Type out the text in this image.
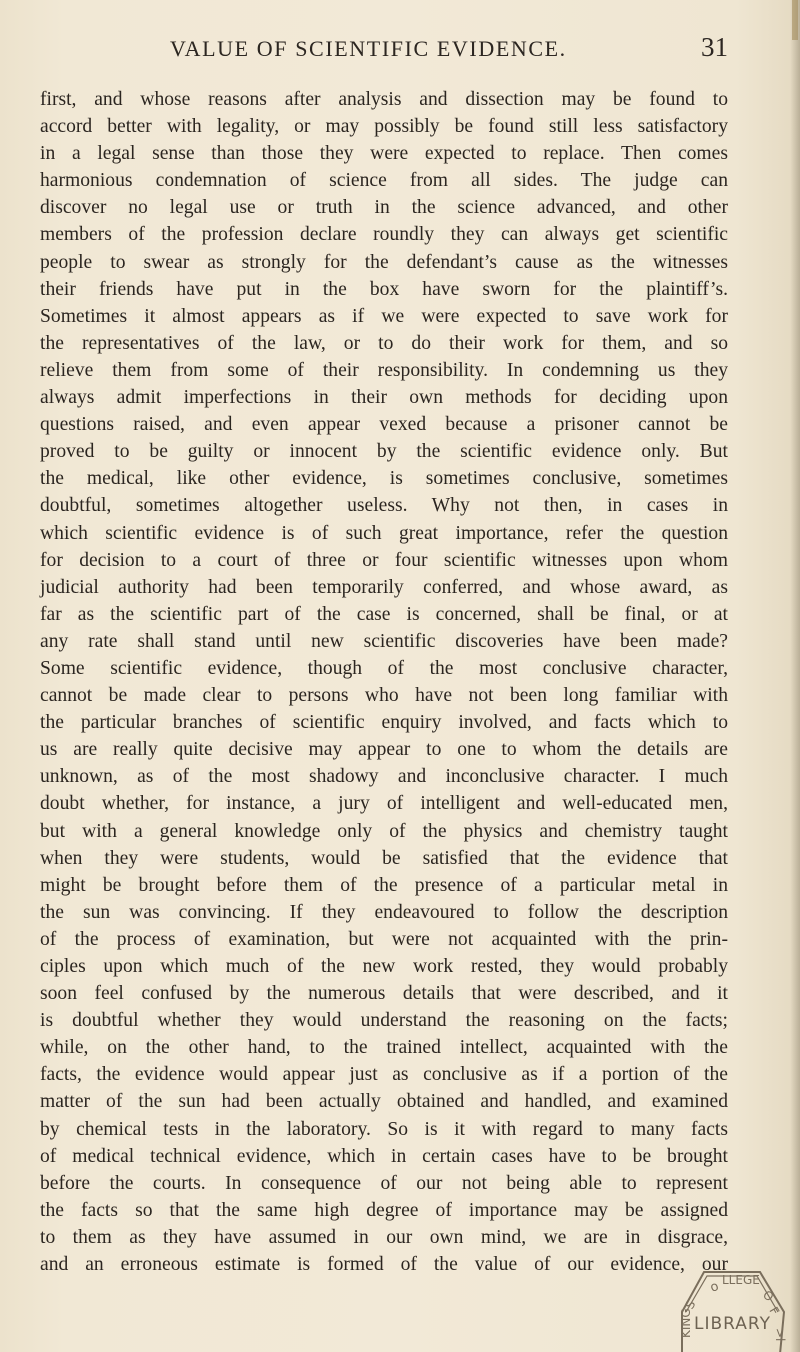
VALUE OF SCIENTIFIC EVIDENCE.	31
first, and whose reasons after analysis and dissection may be found to
accord better with legality, or may possibly be found still less satisfactory
in a legal sense than those they were expected to replace. Then comes
harmonious condemnation of science from all sides. The judge can
discover no legal use or truth in the science advanced, and other
members of the profession declare roundly they can always get scientific
people to swear as strongly for the defendant’s cause as the witnesses
their friends have put in the box have sworn for the plaintiff’s.
Sometimes it almost appears as if we were expected to save work for
the representatives of the law, or to do their work for them, and so
relieve them from some of their responsibility. In condemning us they
always admit imperfections in their own methods for deciding upon
questions raised, and even appear vexed because a prisoner cannot be
proved to be guilty or innocent by the scientific evidence only. But
the medical, like other evidence, is sometimes conclusive, sometimes
doubtful, sometimes altogether useless. Why not then, in cases in
which scientific evidence is of such great importance, refer the question
for decision to a court of three or four scientific witnesses upon whom
judicial authority had been temporarily conferred, and whose award, as
far as the scientific part of the case is concerned, shall be final, or at
any rate shall stand until new scientific discoveries have been made?
Some scientific evidence, though of the most conclusive character,
cannot be made clear to persons who have not been long familiar with
the particular branches of scientific enquiry involved, and facts which to
us are really quite decisive may appear to one to whom the details are
unknown, as of the most shadowy and inconclusive character. I much
doubt whether, for instance, a jury of intelligent and well-educated men,
but with a general knowledge only of the physics and chemistry taught
when they were students, would be satisfied that the evidence that
might be brought before them of the presence of a particular metal in
the sun was convincing. If they endeavoured to follow the description
of the process of examination, but were not acquainted with the prin-
ciples upon which much of the new work rested, they would probably
soon feel confused by the numerous details that were described, and it
is doubtful whether they would understand the reasoning on the facts;
while, on the other hand, to the trained intellect, acquainted with the
facts, the evidence would appear just as conclusive as if a portion of the
matter of the sun had been actually obtained and handled, and examined
by chemical tests in the laboratory. So is it with regard to many facts
of medical technical evidence, which in certain cases have to be brought
before the courts. In consequence of our not being able to represent
the facts so that the same high degree of importance may be assigned
to them as they have assumed in our own mind, we are in disgrace,
and an erroneous estimate is formed of the value of our evidence, our
o LLEGE
O
F
S
KING	>l
LIBRARY
